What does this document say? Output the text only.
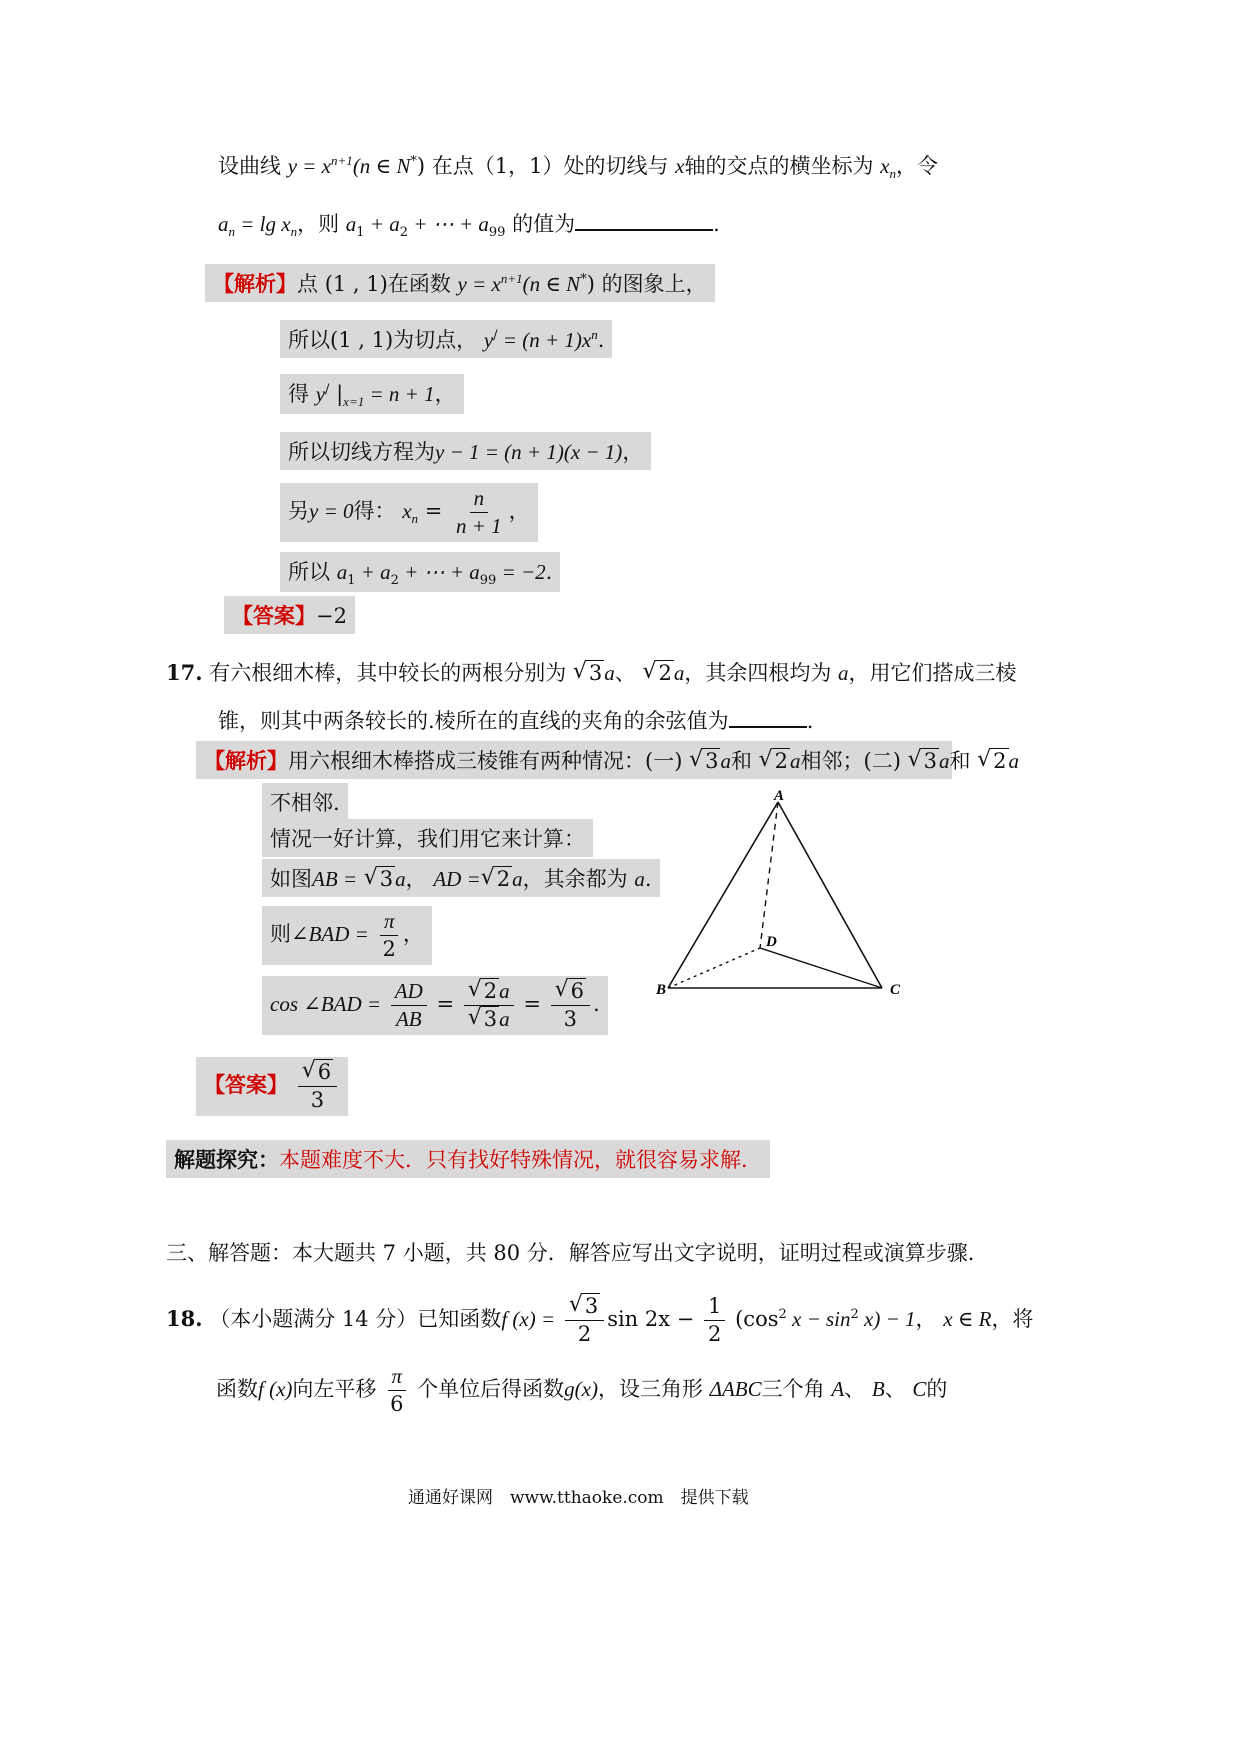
设曲线 $y = x^{n+1}(n$ ∈ N*) 在点（1，1）处的切线与 x轴的交点的横坐标为 $x_n$，令
$a_n = \lg x_n$，则 $a_1 + a_2$ + ⋯ + $a_{99}$ 的值为	.
【解析】点 (1 , 1)在函数 $y = x^{n+1}(n$ ∈ N*) 的图象上，
所以(1 , 1)为切点， $y^/ = (n + 1)x^n$.
得 y/ $|_{x=1} = n + 1$，
所以切线方程为y − 1 = (n + 1)(x − 1)，
另y = 0得： $x_n = \frac{n}{n + 1}$ ，
所以 $a_1 + a_2$ + ⋯ + $a_{99} = -2$.
【答案】−2
17. 有六根细木棒，其中较长的两根分别为 √ 3a、 √ 2a，其余四根均为 a，用它们搭成三棱
锥，则其中两条较长的.棱所在的直线的夹角的余弦值为	.
【解析】用六根细木棒搭成三棱锥有两种情况：(一) √ 3a和 √ 2a相邻；(二) √ 3a和 √ 2a
不相邻.
情况一好计算，我们用它来计算：
如图AB = √ 3a， AD = √ 2a，其余都为 a.
则∠BAD = $\frac{\pi}{2}$ ，
cos ∠BAD = $\frac{AD}{AB}$ = √ 2a
√ 3a = √ $\frac{6}{3}$ .
【答案】 √ $\frac{6}{3}$
解题探究：本题难度不大．只有找好特殊情况，就很容易求解．
A
B	C
D
三、解答题：本大题共 7 小题，共 80 分．解答应写出文字说明，证明过程或演算步骤．
18. （本小题满分 14 分）已知函数f (x) = √ $\frac{3}{2}$ $\sin 2x - \frac{1}{2} (\cos^2$ $x - \sin^2 x) - 1$， x ∈ R，将
函数f (x)向左平移 $\frac{\pi}{6}$ 个单位后得函数g(x)，设三角形 ΔABC三个角 A、 B、 C的
通通好课网　www.tthaoke.com　提供下载
